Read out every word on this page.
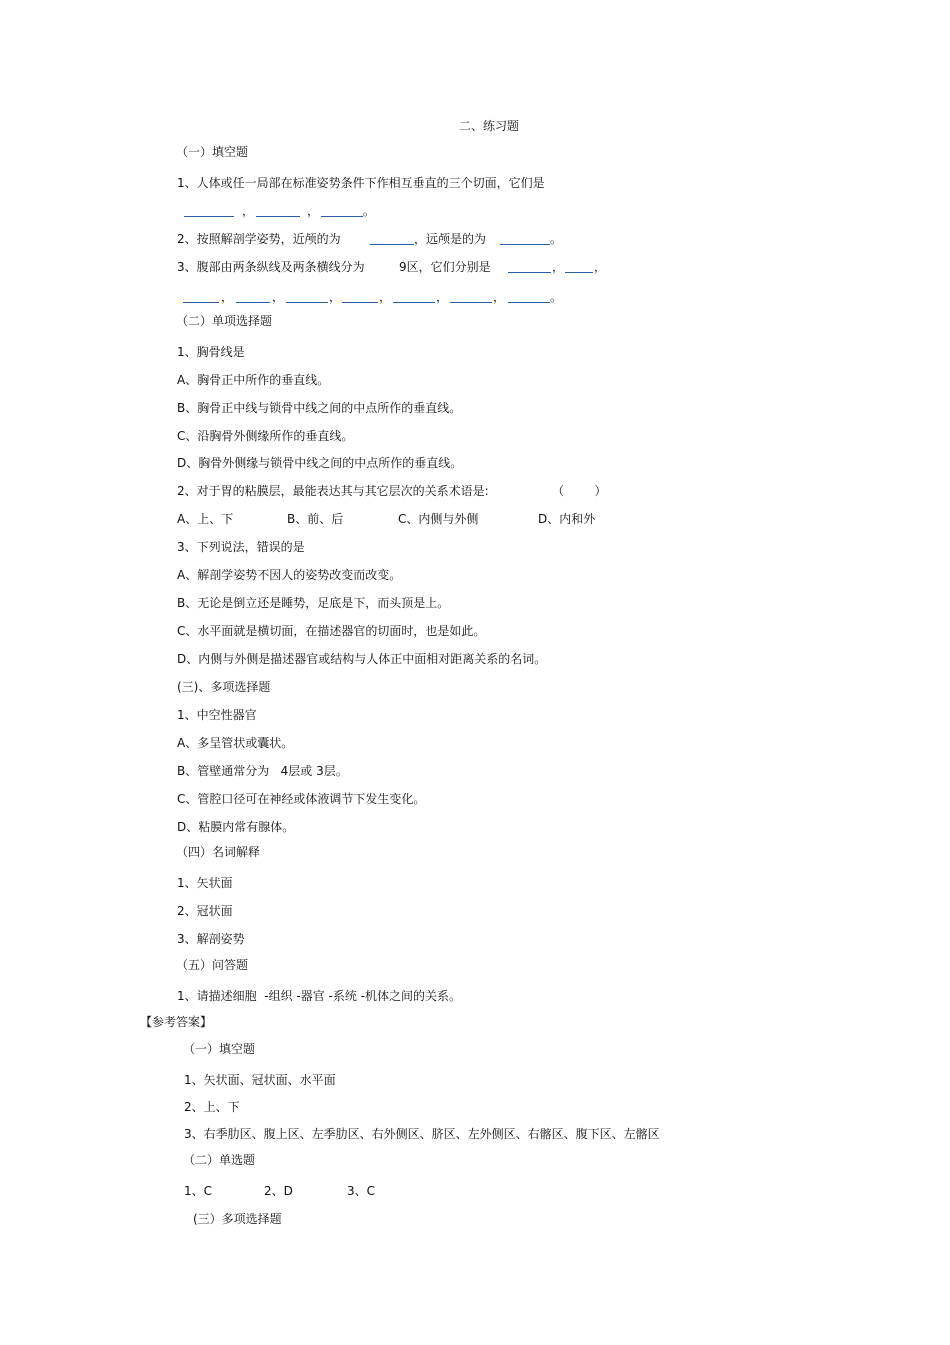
二、练习题
（一）填空题
1、人体或任一局部在标准姿势条件下作相互垂直的三个切面，它们是
，	，	。
2、按照解剖学姿势，近颅的为	，远颅是的为	。
3、腹部由两条纵线及两条横线分为	9区，它们分别是	， ，
，	，	，	，	，	，	。
（二）单项选择题
1、胸骨线是
A、胸骨正中所作的垂直线。
B、胸骨正中线与锁骨中线之间的中点所作的垂直线。
C、沿胸骨外侧缘所作的垂直线。
D、胸骨外侧缘与锁骨中线之间的中点所作的垂直线。
2、对于胃的粘膜层，最能表达其与其它层次的关系术语是:	（        ）
A、上、下	B、前、后	C、内侧与外侧	D、内和外
3、下列说法，错误的是
A、解剖学姿势不因人的姿势改变而改变。
B、无论是倒立还是睡势，足底是下，而头顶是上。
C、水平面就是横切面，在描述器官的切面时，也是如此。
D、内侧与外侧是描述器官或结构与人体正中面相对距离关系的名词。
(三)、多项选择题
1、中空性器官
A、多呈管状或囊状。
B、管壁通常分为   4层或 3层。
C、管腔口径可在神经或体液调节下发生变化。
D、粘膜内常有腺体。
（四）名词解释
1、矢状面
2、冠状面
3、解剖姿势
（五）问答题
1、请描述细胞  -组织 -器官 -系统 -机体之间的关系。
【参考答案】
（一）填空题
1、矢状面、冠状面、水平面
2、上、下
3、右季肋区、腹上区、左季肋区、右外侧区、脐区、左外侧区、右髂区、腹下区、左髂区
（二）单选题
1、C	2、D	3、C
(三）多项选择题
